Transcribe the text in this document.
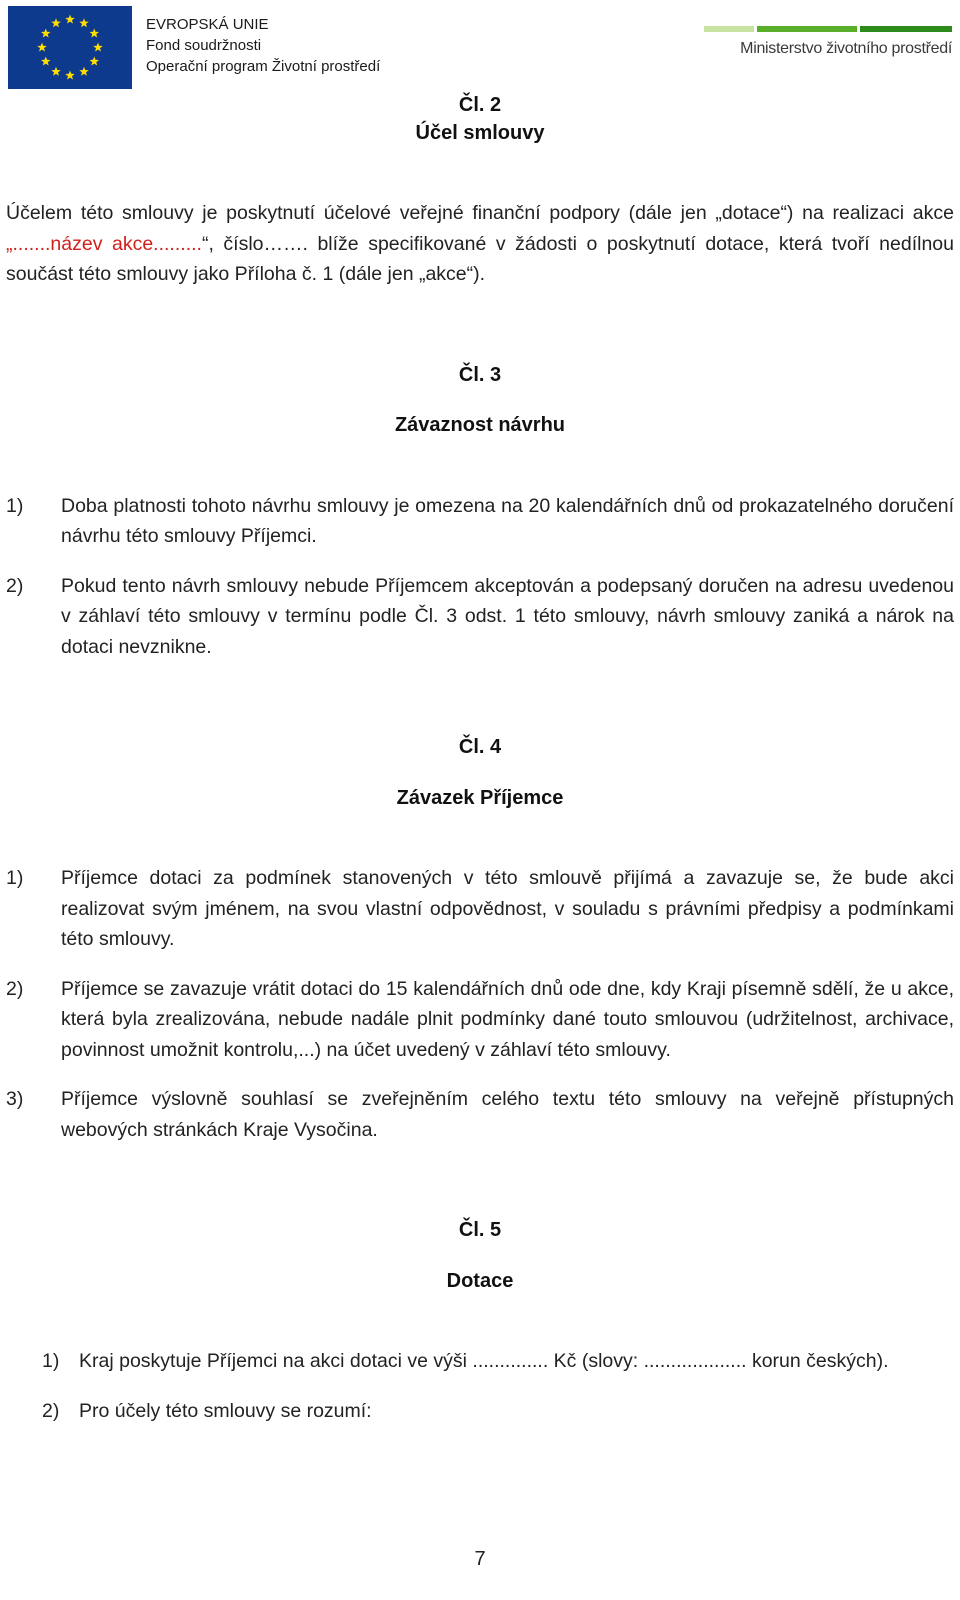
EVROPSKÁ UNIE
Fond soudržnosti
Operační program Životní prostředí
Ministerstvo životního prostředí

Čl. 2

Účel smlouvy

Účelem této smlouvy je poskytnutí účelové veřejné finanční podpory (dále jen „dotace“) na realizaci akce „.......název akce.........“, číslo……. blíže specifikované v žádosti o poskytnutí dotace, která tvoří nedílnou součást této smlouvy jako Příloha č. 1 (dále jen „akce“).

Čl. 3

Závaznost návrhu

1) Doba platnosti tohoto návrhu smlouvy je omezena na 20 kalendářních dnů od prokazatelného doručení návrhu této smlouvy Příjemci.

2) Pokud tento návrh smlouvy nebude Příjemcem akceptován a podepsaný doručen na adresu uvedenou v záhlaví této smlouvy v termínu podle Čl. 3 odst. 1 této smlouvy, návrh smlouvy zaniká a nárok na dotaci nevznikne.

Čl. 4

Závazek Příjemce

1) Příjemce dotaci za podmínek stanovených v této smlouvě přijímá a zavazuje se, že bude akci realizovat svým jménem, na svou vlastní odpovědnost, v souladu s právními předpisy a podmínkami této smlouvy.

2) Příjemce se zavazuje vrátit dotaci do 15 kalendářních dnů ode dne, kdy Kraji písemně sdělí, že u akce, která byla zrealizována, nebude nadále plnit podmínky dané touto smlouvou (udržitelnost, archivace, povinnost umožnit kontrolu,...) na účet uvedený v záhlaví této smlouvy.

3) Příjemce výslovně souhlasí se zveřejněním celého textu této smlouvy na veřejně přístupných webových stránkách Kraje Vysočina.

Čl. 5

Dotace

1) Kraj poskytuje Příjemci na akci dotaci ve výši .............. Kč (slovy: ................... korun českých).

2) Pro účely této smlouvy se rozumí:

7
